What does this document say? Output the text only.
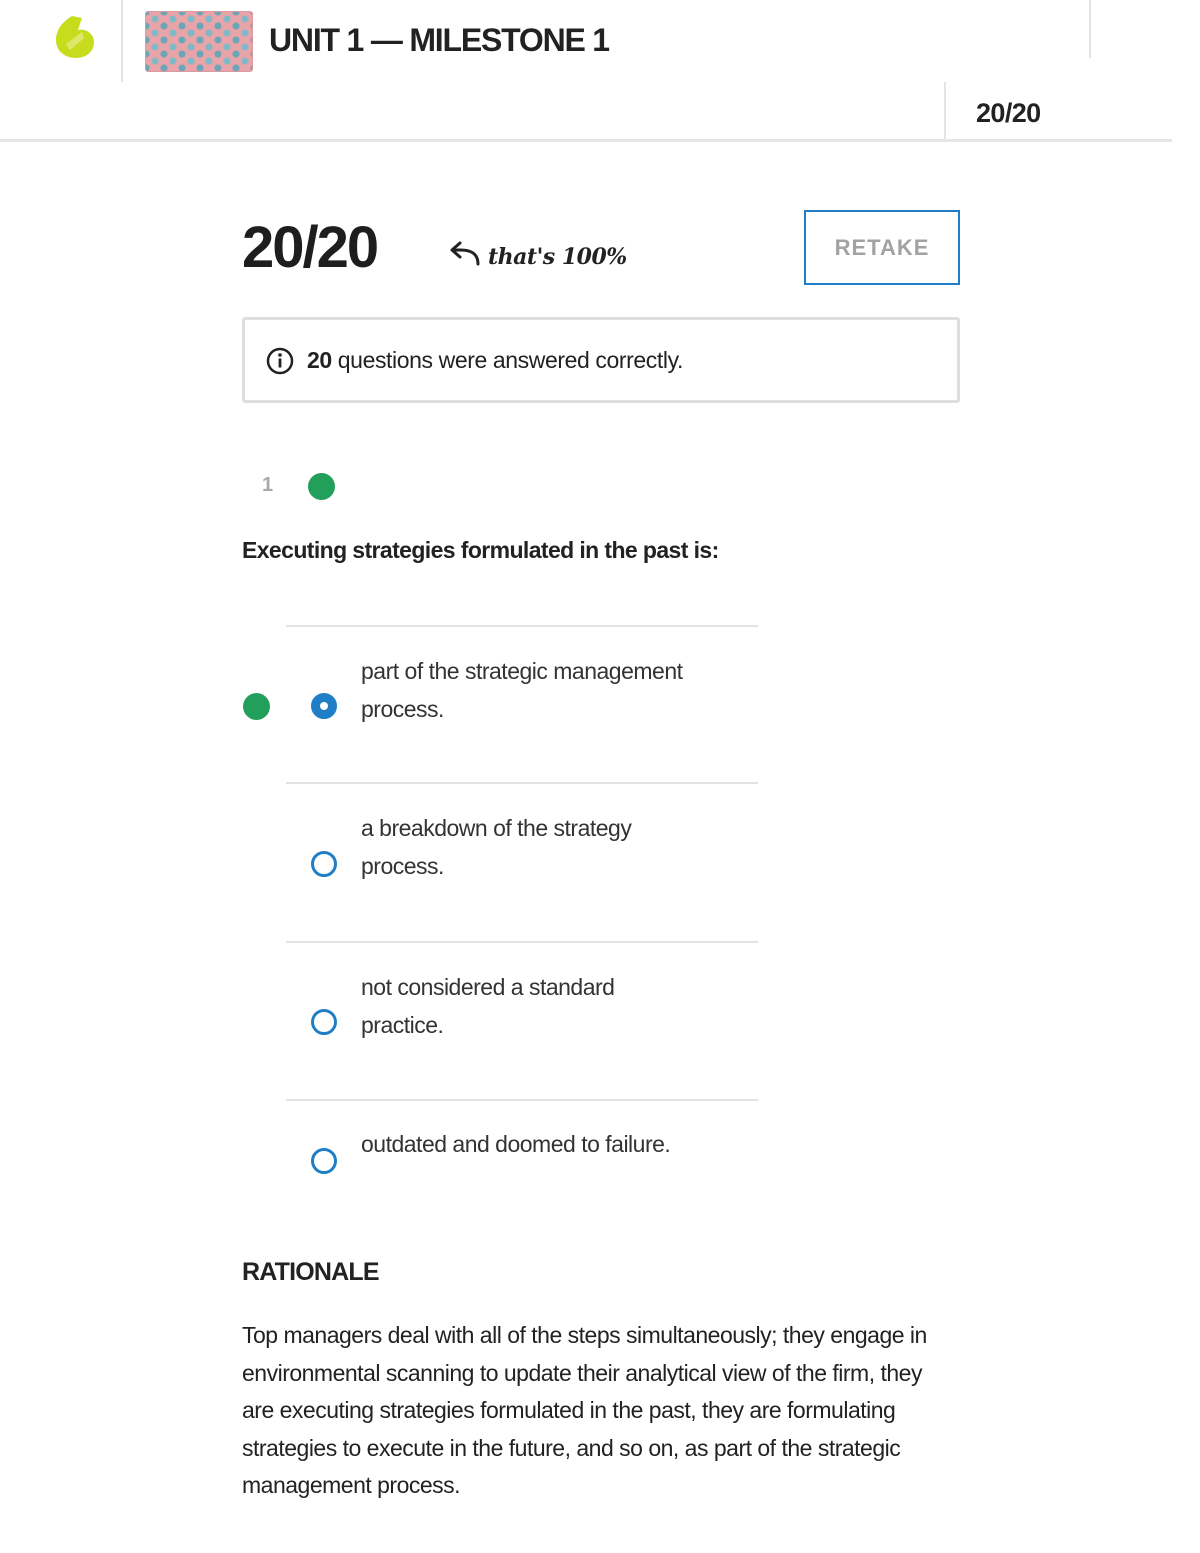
UNIT 1 — MILESTONE 1
20/20
20/20	that's 100%	RETAKE
20 questions were answered correctly.
1
Executing strategies formulated in the past is:
part of the strategic management process.
a breakdown of the strategy process.
not considered a standard practice.
outdated and doomed to failure.
RATIONALE
Top managers deal with all of the steps simultaneously; they engage in environmental scanning to update their analytical view of the firm, they are executing strategies formulated in the past, they are formulating strategies to execute in the future, and so on, as part of the strategic management process.
